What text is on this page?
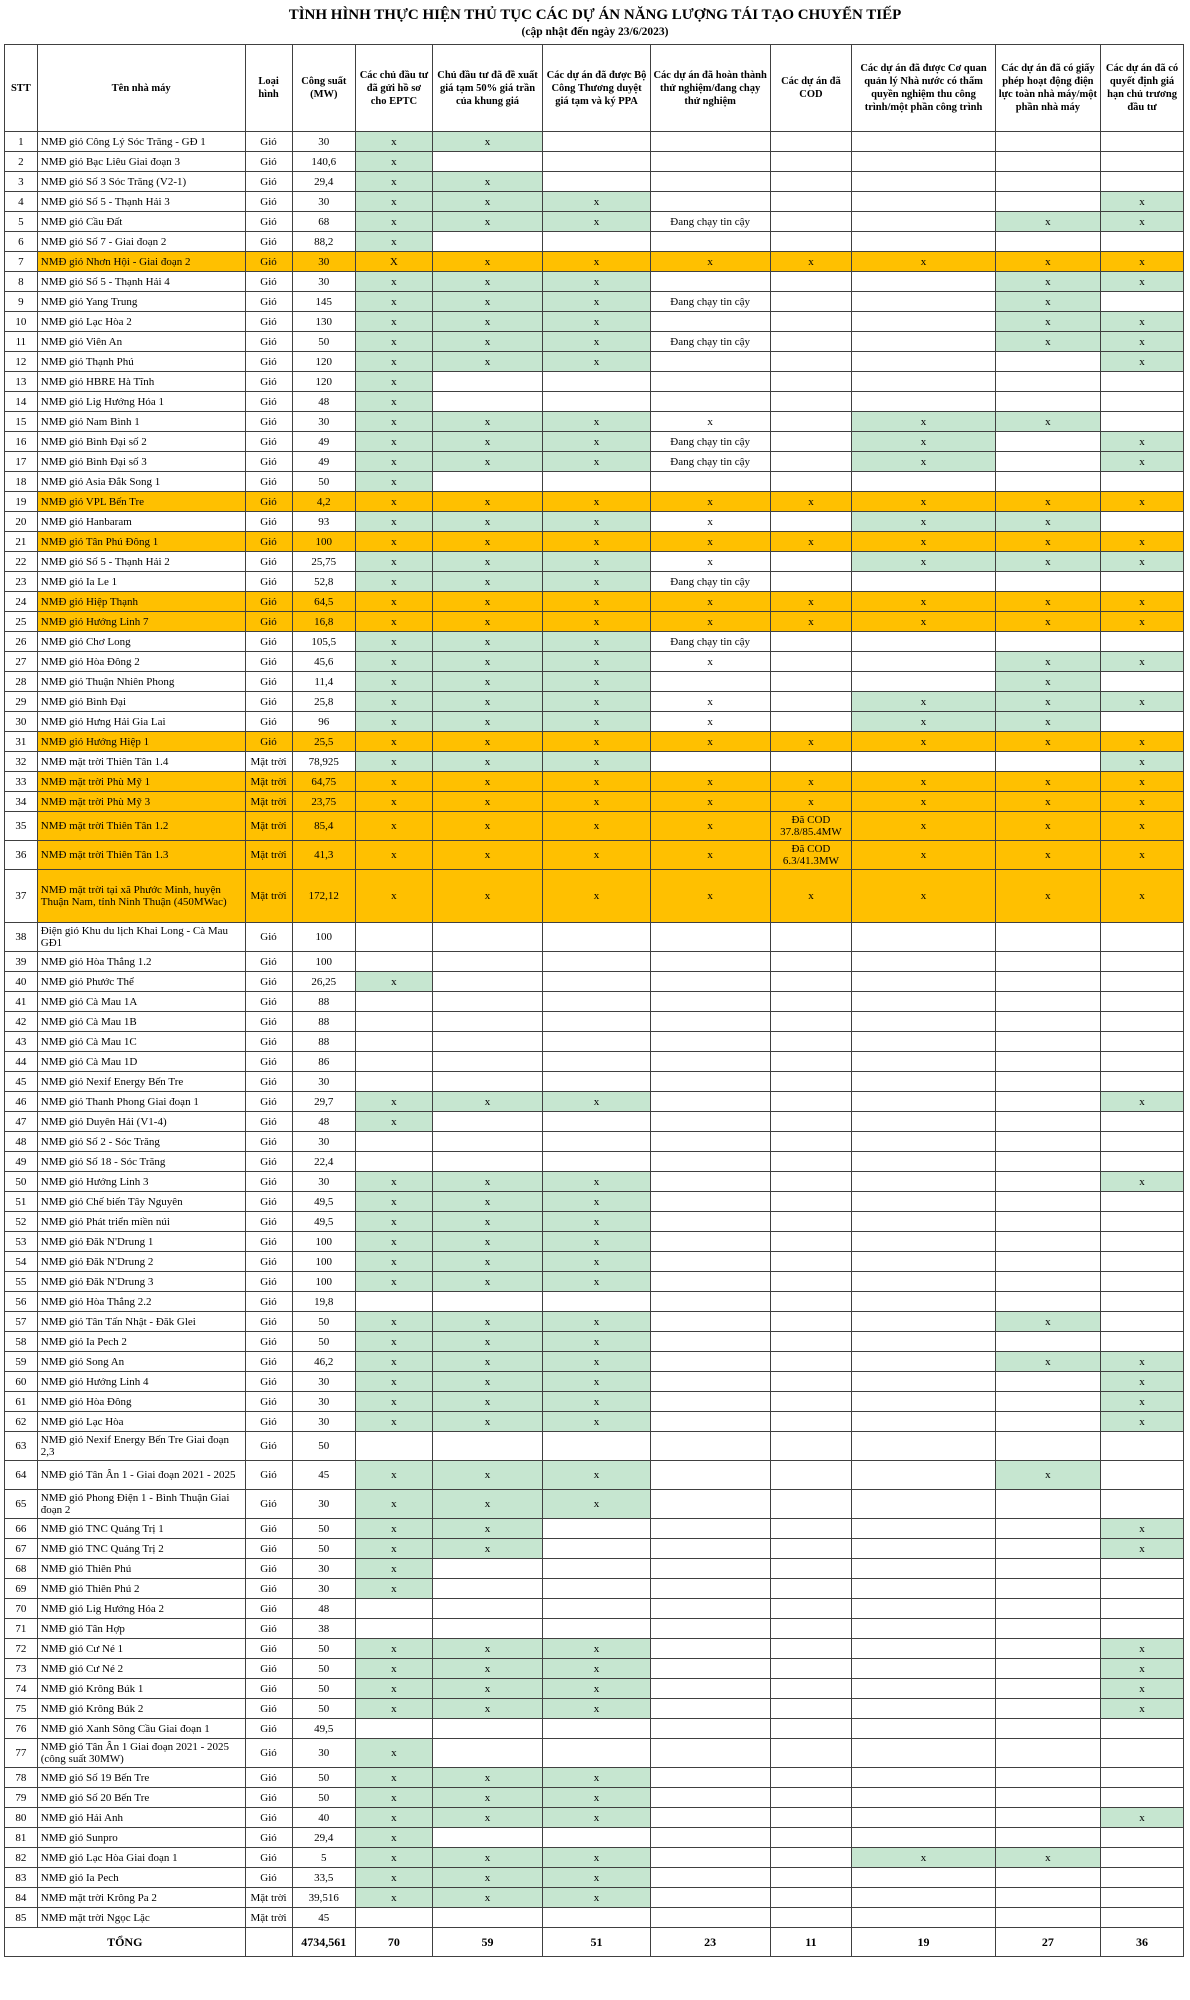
TÌNH HÌNH THỰC HIỆN THỦ TỤC CÁC DỰ ÁN NĂNG LƯỢNG TÁI TẠO CHUYỂN TIẾP
(cập nhật đến ngày 23/6/2023)
STT	Tên nhà máy	Loại hình	Công suất (MW)	Các chủ đầu tư đã gửi hồ sơ cho EPTC	Chủ đầu tư đã đề xuất giá tạm 50% giá trần của khung giá	Các dự án đã được Bộ Công Thương duyệt giá tạm và ký PPA	Các dự án đã hoàn thành thử nghiệm/đang chạy thử nghiệm	Các dự án đã COD	Các dự án đã được Cơ quan quản lý Nhà nước có thẩm quyền nghiệm thu công trình/một phần công trình	Các dự án đã có giấy phép hoạt động điện lực toàn nhà máy/một phần nhà máy	Các dự án đã có quyết định giá hạn chủ trương đầu tư
1	NMĐ gió Công Lý Sóc Trăng - GĐ 1	Gió	30	x	x						
2	NMĐ gió Bạc Liêu Giai đoạn 3	Gió	140,6	x							
3	NMĐ gió Số 3 Sóc Trăng (V2-1)	Gió	29,4	x	x						
4	NMĐ gió Số 5 - Thạnh Hải 3	Gió	30	x	x	x					x
5	NMĐ gió Cầu Đất	Gió	68	x	x	x	Đang chạy tin cậy			x	x
6	NMĐ gió Số 7 - Giai đoạn 2	Gió	88,2	x							
7	NMĐ gió Nhơn Hội - Giai đoạn 2	Gió	30	X	x	x	x	x	x	x	x
8	NMĐ gió Số 5 - Thạnh Hải 4	Gió	30	x	x	x				x	x
9	NMĐ gió Yang Trung	Gió	145	x	x	x	Đang chạy tin cậy			x	
10	NMĐ gió Lạc Hòa 2	Gió	130	x	x	x				x	x
11	NMĐ gió Viên An	Gió	50	x	x	x	Đang chạy tin cậy			x	x
12	NMĐ gió Thạnh Phú	Gió	120	x	x	x					x
13	NMĐ gió HBRE Hà Tĩnh	Gió	120	x							
14	NMĐ gió Lig Hướng Hóa 1	Gió	48	x							
15	NMĐ gió Nam Bình 1	Gió	30	x	x	x	x		x	x	
16	NMĐ gió Bình Đại số 2	Gió	49	x	x	x	Đang chạy tin cậy		x		x
17	NMĐ gió Bình Đại số 3	Gió	49	x	x	x	Đang chạy tin cậy		x		x
18	NMĐ gió Asia Đắk Song 1	Gió	50	x							
19	NMĐ gió VPL Bến Tre	Gió	4,2	x	x	x	x	x	x	x	x
20	NMĐ gió Hanbaram	Gió	93	x	x	x	x		x	x	
21	NMĐ gió Tân Phú Đông 1	Gió	100	x	x	x	x	x	x	x	x
22	NMĐ gió Số 5 - Thạnh Hải 2	Gió	25,75	x	x	x	x		x	x	x
23	NMĐ gió Ia Le 1	Gió	52,8	x	x	x	Đang chạy tin cậy				
24	NMĐ gió Hiệp Thạnh	Gió	64,5	x	x	x	x	x	x	x	x
25	NMĐ gió Hướng Linh 7	Gió	16,8	x	x	x	x	x	x	x	x
26	NMĐ gió Chơ Long	Gió	105,5	x	x	x	Đang chạy tin cậy				
27	NMĐ gió Hòa Đông 2	Gió	45,6	x	x	x	x			x	x
28	NMĐ gió Thuận Nhiên Phong	Gió	11,4	x	x	x				x	
29	NMĐ gió Bình Đại	Gió	25,8	x	x	x	x		x	x	x
30	NMĐ gió Hưng Hải Gia Lai	Gió	96	x	x	x	x		x	x	
31	NMĐ gió Hướng Hiệp 1	Gió	25,5	x	x	x	x	x	x	x	x
32	NMĐ mặt trời Thiên Tân 1.4	Mặt trời	78,925	x	x	x					x
33	NMĐ mặt trời Phù Mỹ 1	Mặt trời	64,75	x	x	x	x	x	x	x	x
34	NMĐ mặt trời Phù Mỹ 3	Mặt trời	23,75	x	x	x	x	x	x	x	x
35	NMĐ mặt trời Thiên Tân 1.2	Mặt trời	85,4	x	x	x	x	Đã COD 37.8/85.4MW	x	x	x
36	NMĐ mặt trời Thiên Tân 1.3	Mặt trời	41,3	x	x	x	x	Đã COD 6.3/41.3MW	x	x	x
37	NMĐ mặt trời tại xã Phước Minh, huyện Thuận Nam, tỉnh Ninh Thuận (450MWac)	Mặt trời	172,12	x	x	x	x	x	x	x	x
38	Điện gió Khu du lịch Khai Long - Cà Mau GĐ1	Gió	100								
39	NMĐ gió Hòa Thắng 1.2	Gió	100								
40	NMĐ gió Phước Thể	Gió	26,25	x							
41	NMĐ gió Cà Mau 1A	Gió	88								
42	NMĐ gió Cà Mau 1B	Gió	88								
43	NMĐ gió Cà Mau 1C	Gió	88								
44	NMĐ gió Cà Mau 1D	Gió	86								
45	NMĐ gió Nexif Energy Bến Tre	Gió	30								
46	NMĐ gió Thanh Phong Giai đoạn 1	Gió	29,7	x	x	x					x
47	NMĐ gió Duyên Hải (V1-4)	Gió	48	x							
48	NMĐ gió Số 2 - Sóc Trăng	Gió	30								
49	NMĐ gió Số 18 - Sóc Trăng	Gió	22,4								
50	NMĐ gió Hướng Linh 3	Gió	30	x	x	x					x
51	NMĐ gió Chế biến Tây Nguyên	Gió	49,5	x	x	x					
52	NMĐ gió Phát triển miền núi	Gió	49,5	x	x	x					
53	NMĐ gió Đăk N'Drung 1	Gió	100	x	x	x					
54	NMĐ gió Đăk N'Drung 2	Gió	100	x	x	x					
55	NMĐ gió Đăk N'Drung 3	Gió	100	x	x	x					
56	NMĐ gió Hòa Thắng 2.2	Gió	19,8								
57	NMĐ gió Tân Tấn Nhật - Đăk Glei	Gió	50	x	x	x				x	
58	NMĐ gió Ia Pech 2	Gió	50	x	x	x					
59	NMĐ gió Song An	Gió	46,2	x	x	x				x	x
60	NMĐ gió Hướng Linh 4	Gió	30	x	x	x					x
61	NMĐ gió Hòa Đông	Gió	30	x	x	x					x
62	NMĐ gió Lạc Hòa	Gió	30	x	x	x					x
63	NMĐ gió Nexif Energy Bến Tre Giai đoạn 2,3	Gió	50								
64	NMĐ gió Tân Ân 1 - Giai đoạn 2021 - 2025	Gió	45	x	x	x				x	
65	NMĐ gió Phong Điện 1 - Bình Thuận Giai đoạn 2	Gió	30	x	x	x					
66	NMĐ gió TNC Quảng Trị 1	Gió	50	x	x						x
67	NMĐ gió TNC Quảng Trị 2	Gió	50	x	x						x
68	NMĐ gió Thiên Phú	Gió	30	x							
69	NMĐ gió Thiên Phú 2	Gió	30	x							
70	NMĐ gió Lig Hướng Hóa 2	Gió	48								
71	NMĐ gió Tân Hợp	Gió	38								
72	NMĐ gió Cư Né 1	Gió	50	x	x	x					x
73	NMĐ gió Cư Né 2	Gió	50	x	x	x					x
74	NMĐ gió Krông Búk 1	Gió	50	x	x	x					x
75	NMĐ gió Krông Búk 2	Gió	50	x	x	x					x
76	NMĐ gió Xanh Sông Cầu Giai đoạn 1	Gió	49,5								
77	NMĐ gió Tân Ân 1 Giai đoạn 2021 - 2025 (công suất 30MW)	Gió	30	x							
78	NMĐ gió Số 19 Bến Tre	Gió	50	x	x	x					
79	NMĐ gió Số 20 Bến Tre	Gió	50	x	x	x					
80	NMĐ gió Hải Anh	Gió	40	x	x	x					x
81	NMĐ gió Sunpro	Gió	29,4	x							
82	NMĐ gió Lạc Hòa Giai đoạn 1	Gió	5	x	x	x			x	x	
83	NMĐ gió Ia Pech	Gió	33,5	x	x	x					
84	NMĐ mặt trời Krông Pa 2	Mặt trời	39,516	x	x	x					
85	NMĐ mặt trời Ngọc Lặc	Mặt trời	45								
TỔNG			4734,561	70	59	51	23	11	19	27	36
